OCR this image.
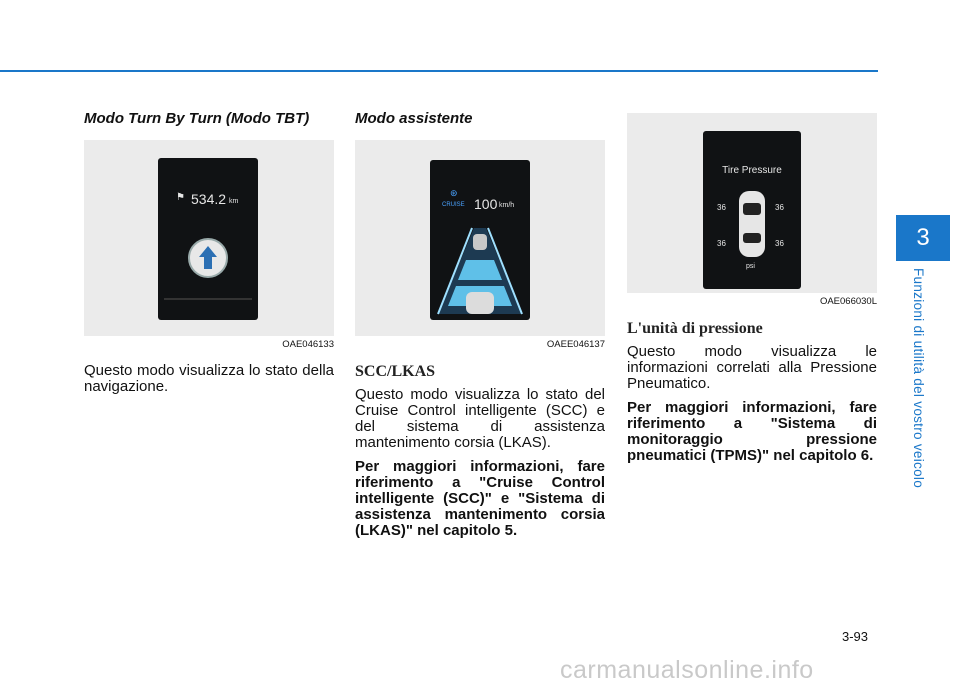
3
Funzioni di utilità del vostro veicolo
Modo Turn By Turn (Modo TBT)
⚑ 534.2 km
OAE046133

Questo modo visualizza lo stato della navigazione.

Modo assistente
⊛
CRUISE 100 km/h
OAEE046137
SCC/LKAS

Questo modo visualizza lo stato del Cruise Control intelligente (SCC) e del sistema di assistenza mantenimento corsia (LKAS).

Per maggiori informazioni, fare riferimento a "Cruise Control intelligente (SCC)" e "Sistema di assistenza mantenimento corsia (LKAS)" nel capitolo 5.

Tire Pressure
36	36
36	36
psi
OAE066030L
L'unità di pressione

Questo modo visualizza le informazioni correlati alla Pressione Pneumatico.

Per maggiori informazioni, fare riferimento a "Sistema di monitoraggio pressione pneumatici (TPMS)" nel capitolo 6.

3-93
carmanualsonline.info
